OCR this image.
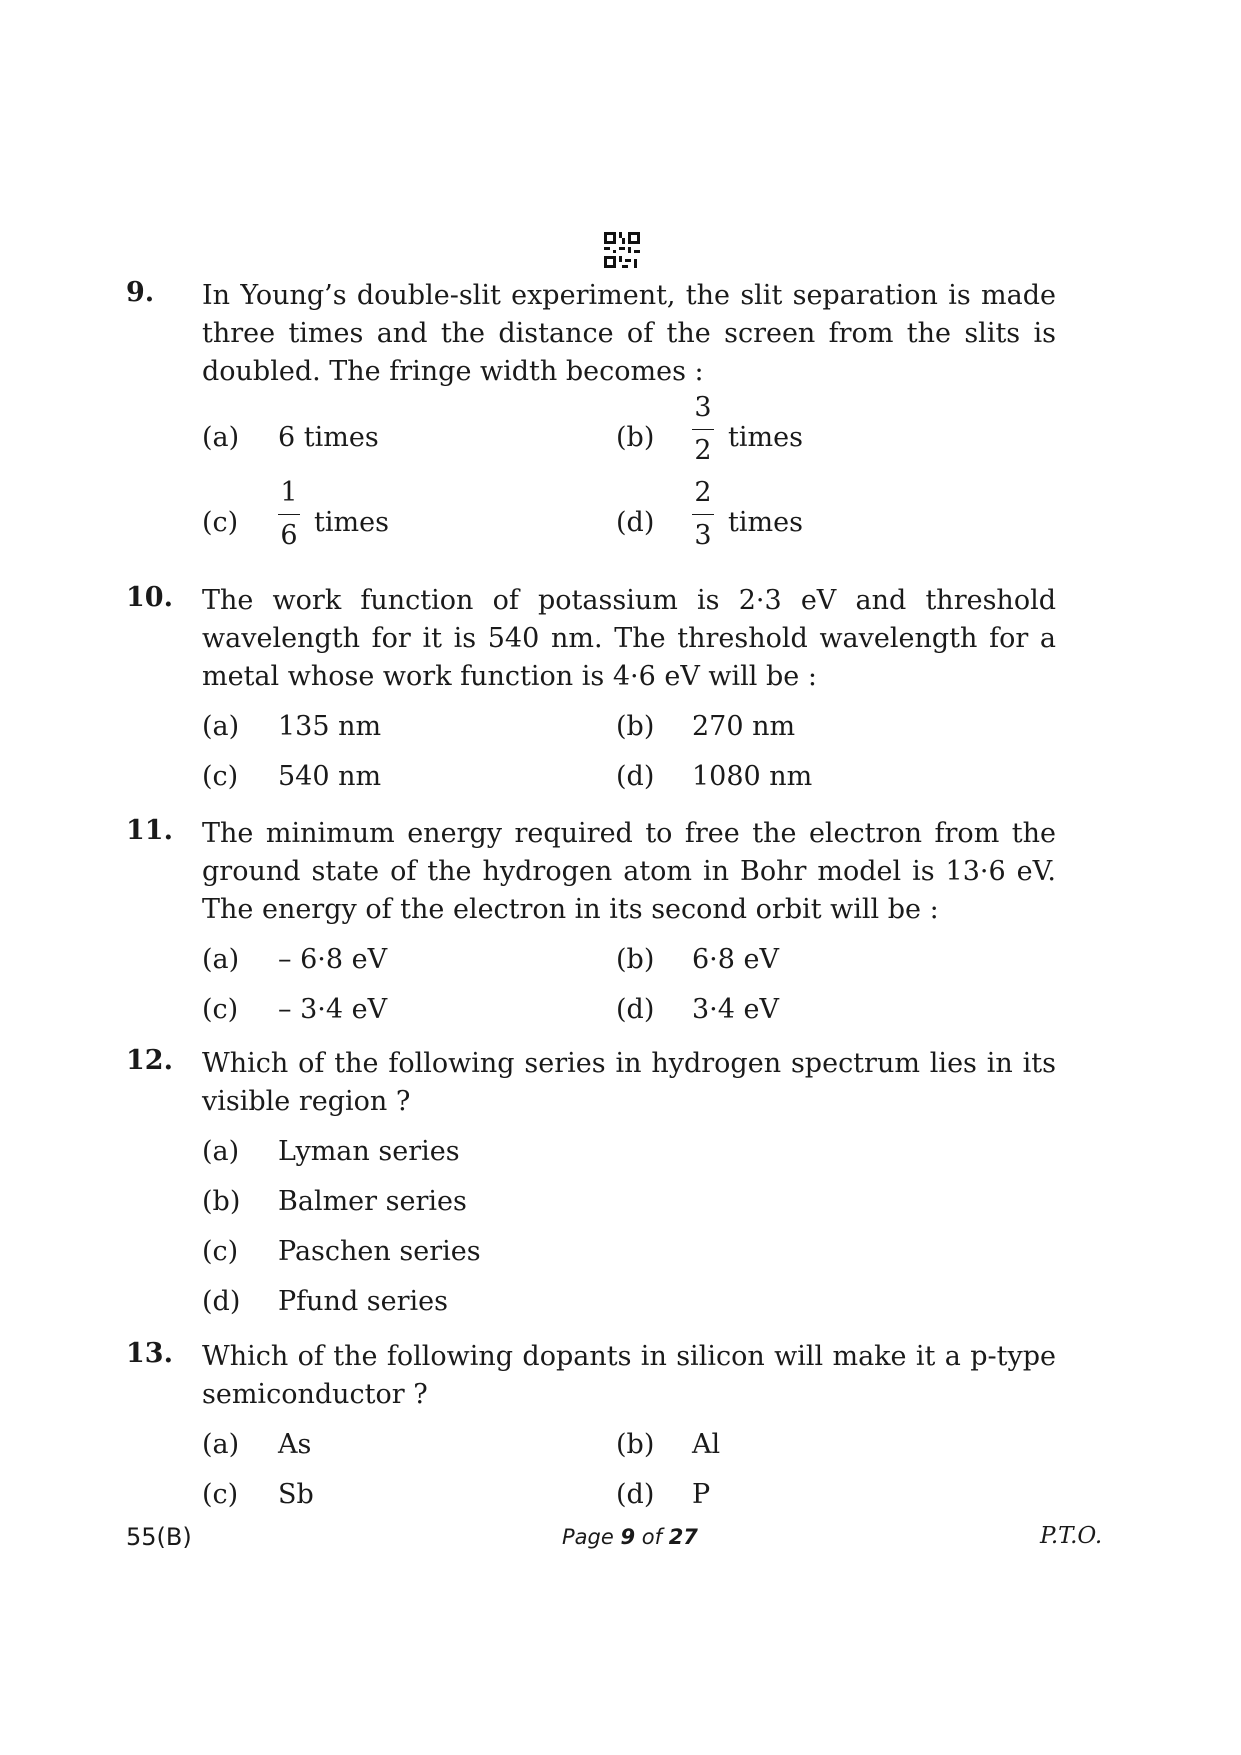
9. In Young’s double-slit experiment, the slit separation is made three times and the distance of the screen from the slits is doubled. The fringe width becomes :
(a) 6 times	(b)
3
2 times
(c)
1
6 times	(d)
2
3 times
10. The work function of potassium is 2·3 eV and threshold wavelength for it is 540 nm. The threshold wavelength for a metal whose work function is 4·6 eV will be :
(a) 135 nm	(b) 270 nm
(c) 540 nm	(d) 1080 nm
11. The minimum energy required to free the electron from the ground state of the hydrogen atom in Bohr model is 13·6 eV. The energy of the electron in its second orbit will be :
(a) – 6·8 eV	(b) 6·8 eV
(c) – 3·4 eV	(d) 3·4 eV
12. Which of the following series in hydrogen spectrum lies in its visible region ?
(a) Lyman series
(b) Balmer series
(c) Paschen series
(d) Pfund series
13. Which of the following dopants in silicon will make it a p-type semiconductor ?
(a) As	(b) Al
(c) Sb	(d) P
55(B)	Page 9 of 27	P.T.O.
